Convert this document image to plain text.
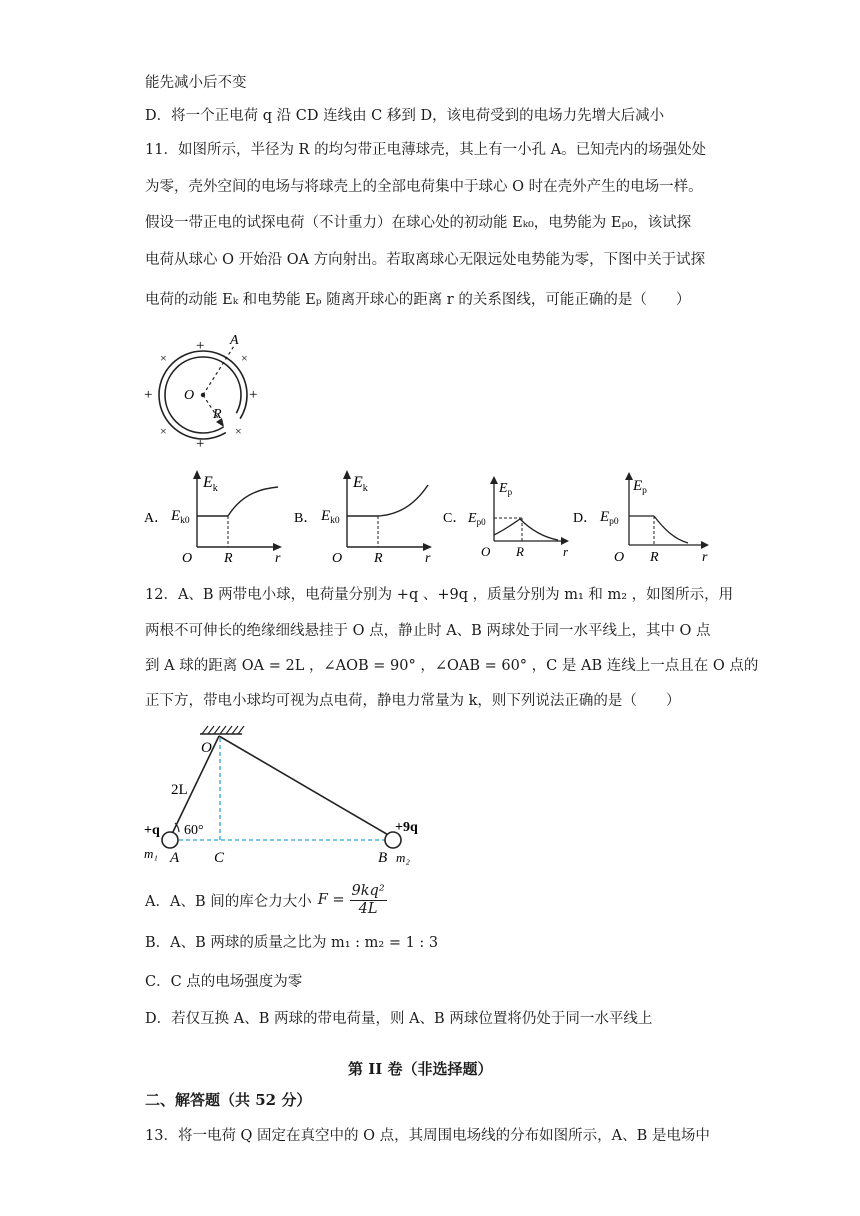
能先减小后不变
D．将一个正电荷 q 沿 CD 连线由 C 移到 D，该电荷受到的电场力先增大后减小
11．如图所示，半径为 R 的均匀带正电薄球壳，其上有一小孔 A。已知壳内的场强处处
为零，壳外空间的电场与将球壳上的全部电荷集中于球心 O 时在壳外产生的电场一样。
假设一带正电的试探电荷（不计重力）在球心处的初动能 Eₖ₀，电势能为 Eₚ₀，该试探
电荷从球心 O 开始沿 OA 方向射出。若取离球心无限远处电势能为零，下图中关于试探
电荷的动能 Eₖ 和电势能 Eₚ 随离开球心的距离 r 的关系图线，可能正确的是（　　）
A
O
R
+
+	+
+
×
×
×	×
A．
$E_k$
$E_{k0}$
O R	r
B．
$E_k$
$E_{k0}$
O R	r
C．
$E_p$
$E_{p0}$
O R	r
D．
$E_p$
$E_{p0}$
O R	r
12．A、B 两带电小球，电荷量分别为 +q 、+9q ，质量分别为 m₁ 和 m₂ ，如图所示，用
两根不可伸长的绝缘细线悬挂于 O 点，静止时 A、B 两球处于同一水平线上，其中 O 点
到 A 球的距离 OA = 2L ，∠AOB = 90° ，∠OAB = 60° ，C 是 AB 连线上一点且在 O 点的
正下方，带电小球均可视为点电荷，静电力常量为 k，则下列说法正确的是（　　）
O
2L
60°
+q	+9q
m₁ A C	B m₂
A．A、B 间的库仑力大小 $F = \frac{\text{9kq²}}{4L}$
B．A、B 两球的质量之比为 m₁ : m₂ = 1 : 3
C．C 点的电场强度为零
D．若仅互换 A、B 两球的带电荷量，则 A、B 两球位置将仍处于同一水平线上
第 II 卷（非选择题）
二、解答题（共 52 分）
13．将一电荷 Q 固定在真空中的 O 点，其周围电场线的分布如图所示，A、B 是电场中
